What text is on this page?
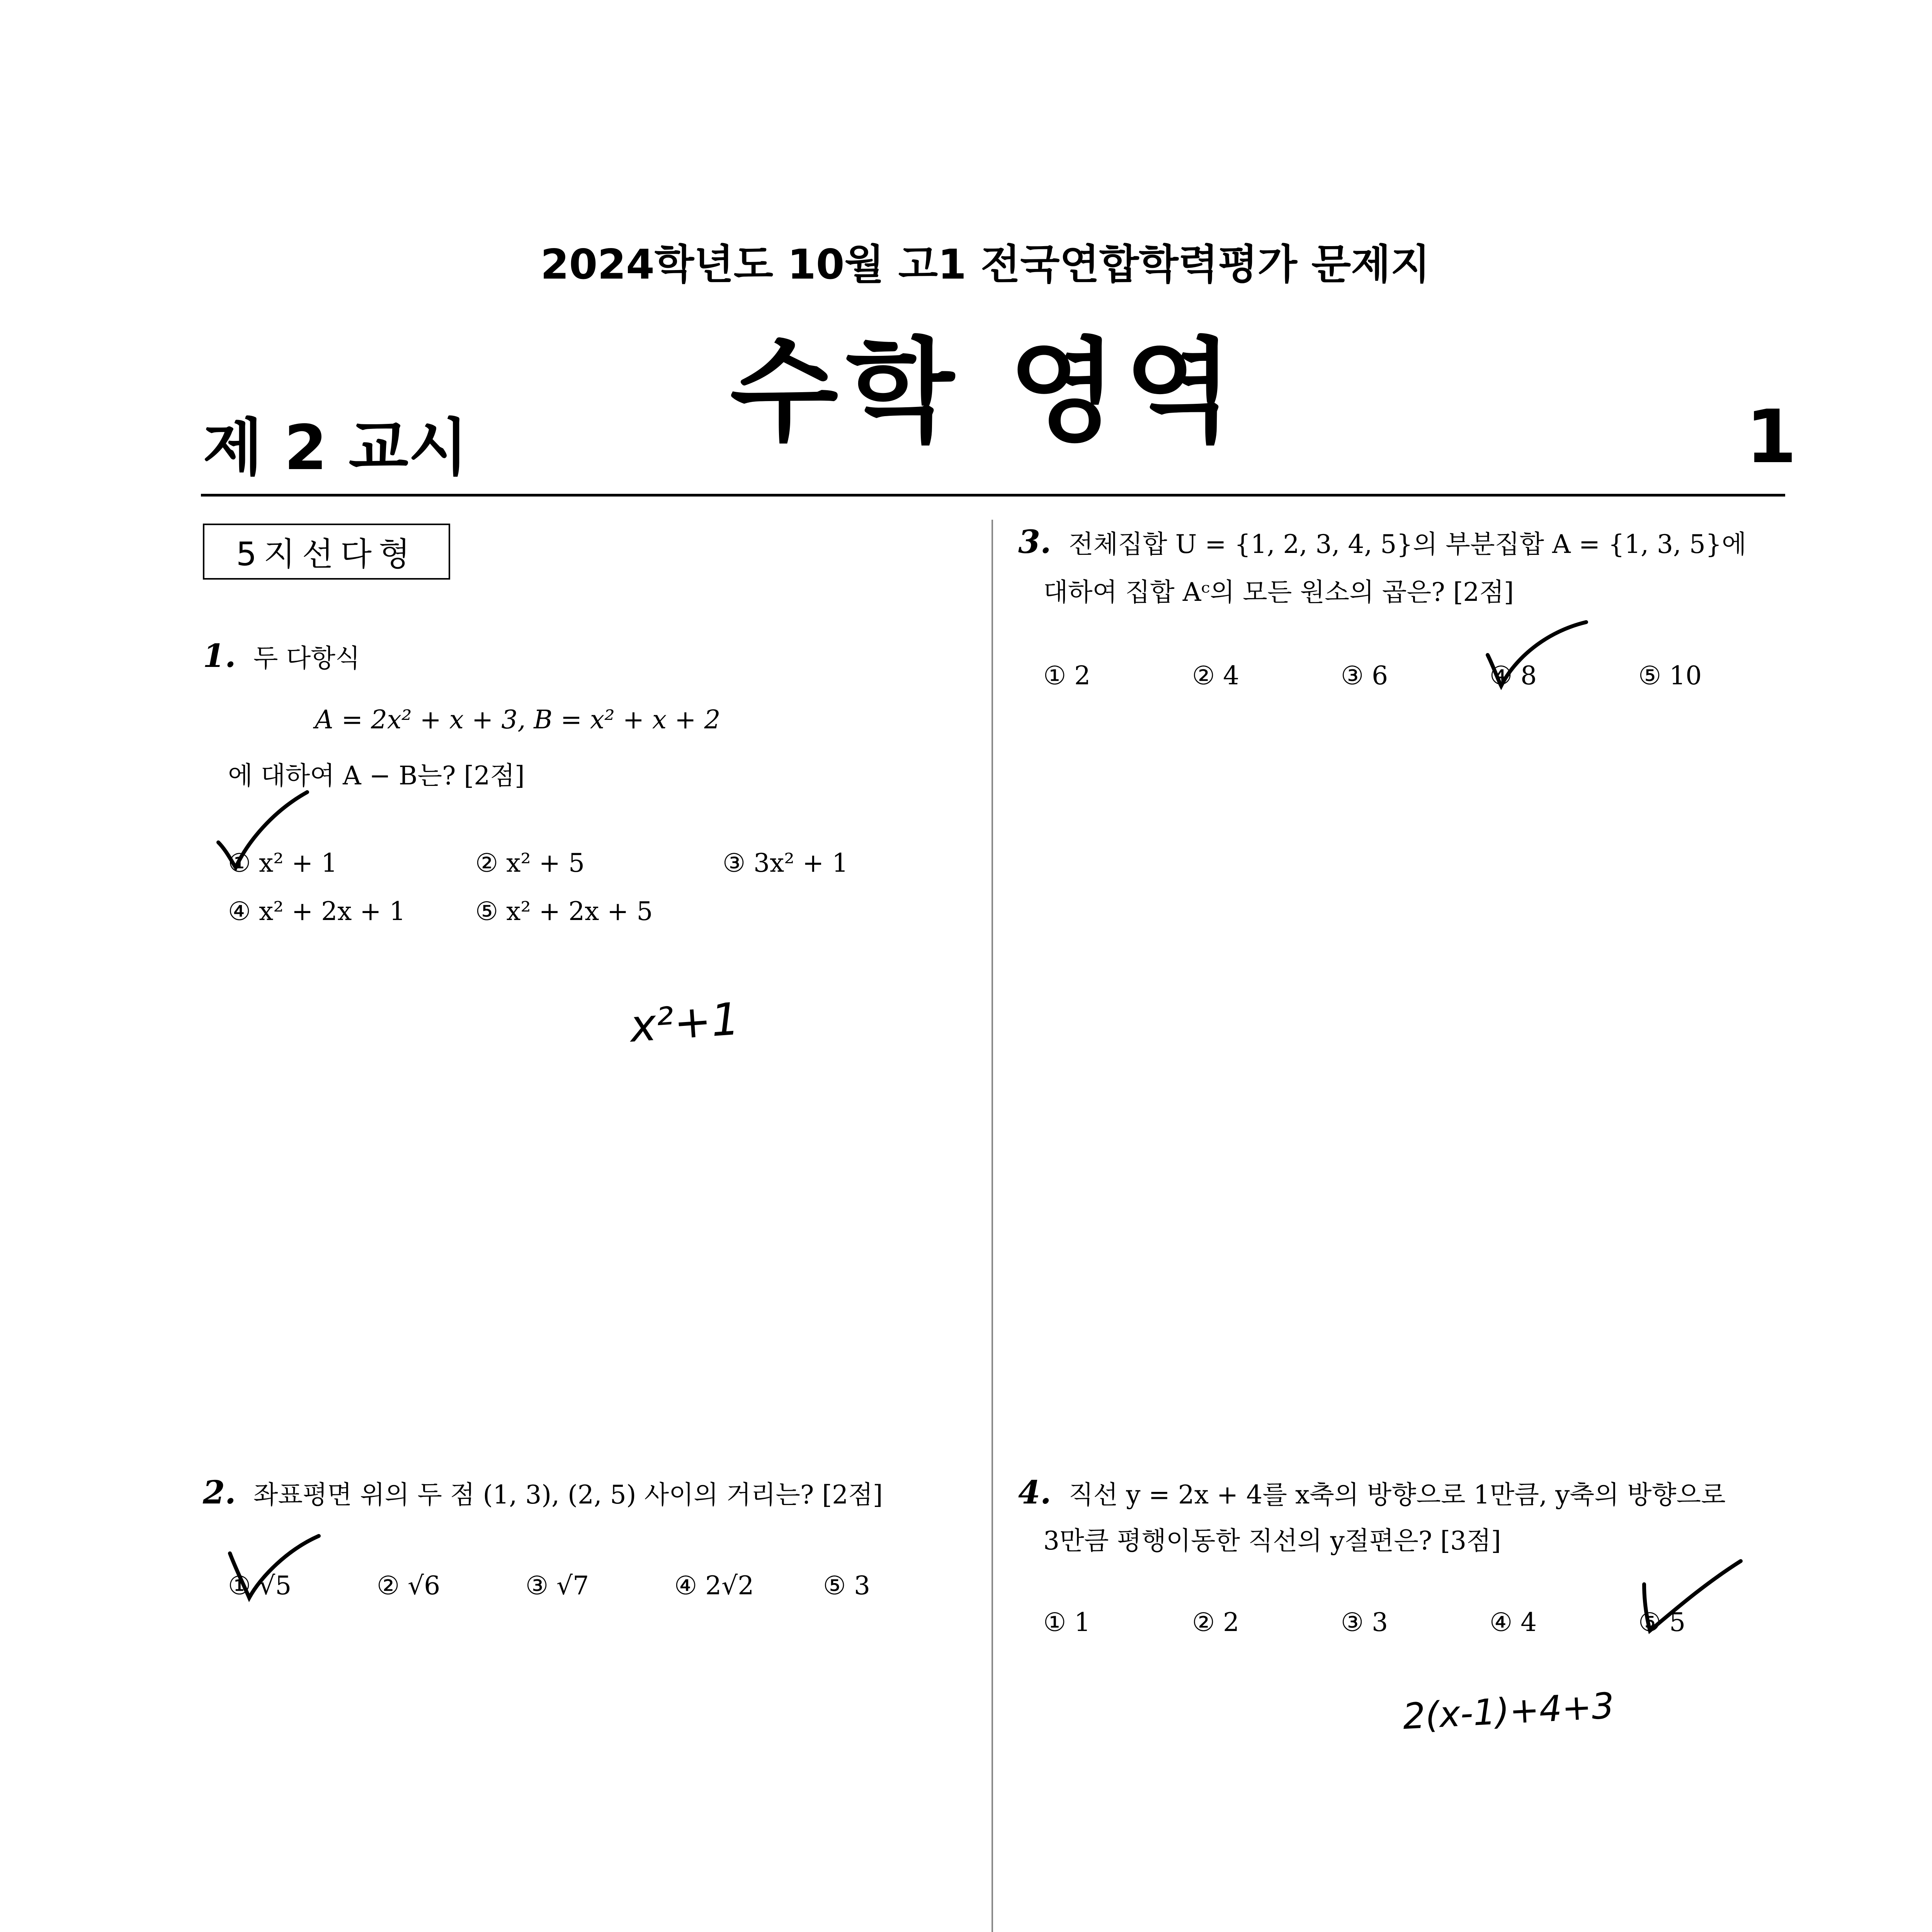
2024학년도 10월 고1 전국연합학력평가 문제지
수학 영역
제 2 교시	1
5지선다형
1. 두 다항식
A = 2x² + x + 3, B = x² + x + 2
에 대하여 A − B는? [2점]
① x² + 1	② x² + 5	③ 3x² + 1
④ x² + 2x + 1	⑤ x² + 2x + 5
2. 좌표평면 위의 두 점 (1, 3), (2, 5) 사이의 거리는? [2점]
① √5	② √6	③ √7	④ 2√2	⑤ 3
3. 전체집합 U = {1, 2, 3, 4, 5}의 부분집합 A = {1, 3, 5}에
대하여 집합 Aᶜ의 모든 원소의 곱은? [2점]
① 2	② 4	③ 6	④ 8	⑤ 10
4. 직선 y = 2x + 4를 x축의 방향으로 1만큼, y축의 방향으로
3만큼 평행이동한 직선의 y절편은? [3점]
① 1	② 2	③ 3	④ 4	⑤ 5
x²+1
2(x-1)+4+3
